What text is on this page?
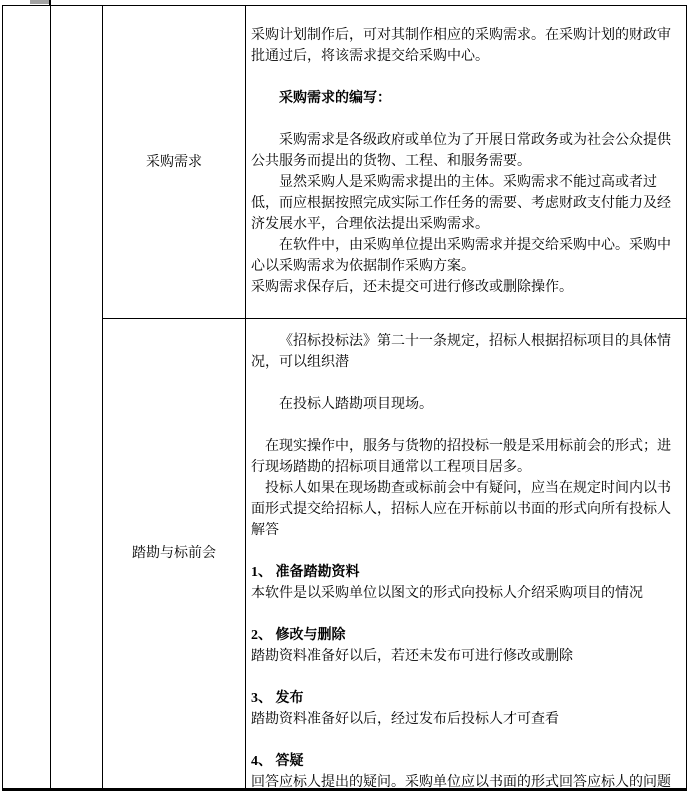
采购需求

采购计划制作后，可对其制作相应的采购需求。在采购计划的财政审批通过后，将该需求提交给采购中心。

采购需求的编写：

采购需求是各级政府或单位为了开展日常政务或为社会公众提供公共服务而提出的货物、工程、和服务需要。

显然采购人是采购需求提出的主体。采购需求不能过高或者过低，而应根据按照完成实际工作任务的需要、考虑财政支付能力及经济发展水平，合理依法提出采购需求。

在软件中，由采购单位提出采购需求并提交给采购中心。采购中心以采购需求为依据制作采购方案。

采购需求保存后，还未提交可进行修改或删除操作。

踏勘与标前会

《招标投标法》第二十一条规定，招标人根据招标项目的具体情况，可以组织潜

在投标人踏勘项目现场。

在现实操作中，服务与货物的招投标一般是采用标前会的形式；进行现场踏勘的招标项目通常以工程项目居多。

投标人如果在现场勘查或标前会中有疑问，应当在规定时间内以书面形式提交给招标人，招标人应在开标前以书面的形式向所有投标人解答

1、 准备踏勘资料

本软件是以采购单位以图文的形式向投标人介绍采购项目的情况

2、 修改与删除

踏勘资料准备好以后，若还未发布可进行修改或删除

3、 发布

踏勘资料准备好以后，经过发布后投标人才可查看

4、 答疑

回答应标人提出的疑问。采购单位应以书面的形式回答应标人的问题
